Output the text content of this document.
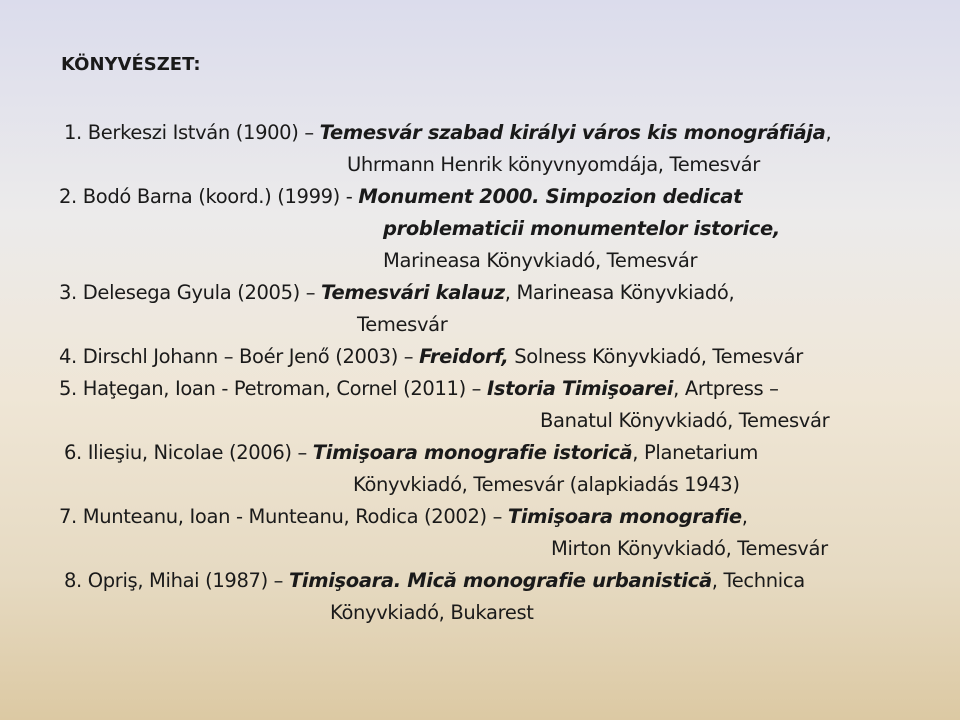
KÖNYVÉSZET:
1. Berkeszi István (1900) – Temesvár szabad királyi város kis monográfiája,
Uhrmann Henrik könyvnyomdája, Temesvár
2. Bodó Barna (koord.) (1999) - Monument 2000. Simpozion dedicat
problematicii monumentelor istorice,
Marineasa Könyvkiadó, Temesvár
3. Delesega Gyula (2005) – Temesvári kalauz, Marineasa Könyvkiadó,
Temesvár
4. Dirschl Johann – Boér Jenő (2003) – Freidorf, Solness Könyvkiadó, Temesvár
5. Haţegan, Ioan - Petroman, Cornel (2011) – Istoria Timişoarei, Artpress –
Banatul Könyvkiadó, Temesvár
6. Ilieşiu, Nicolae (2006) – Timişoara monografie istorică, Planetarium
Könyvkiadó, Temesvár (alapkiadás 1943)
7. Munteanu, Ioan - Munteanu, Rodica (2002) – Timişoara monografie,
Mirton Könyvkiadó, Temesvár
8. Opriş, Mihai (1987) – Timişoara. Mică monografie urbanistică, Technica
Könyvkiadó, Bukarest
